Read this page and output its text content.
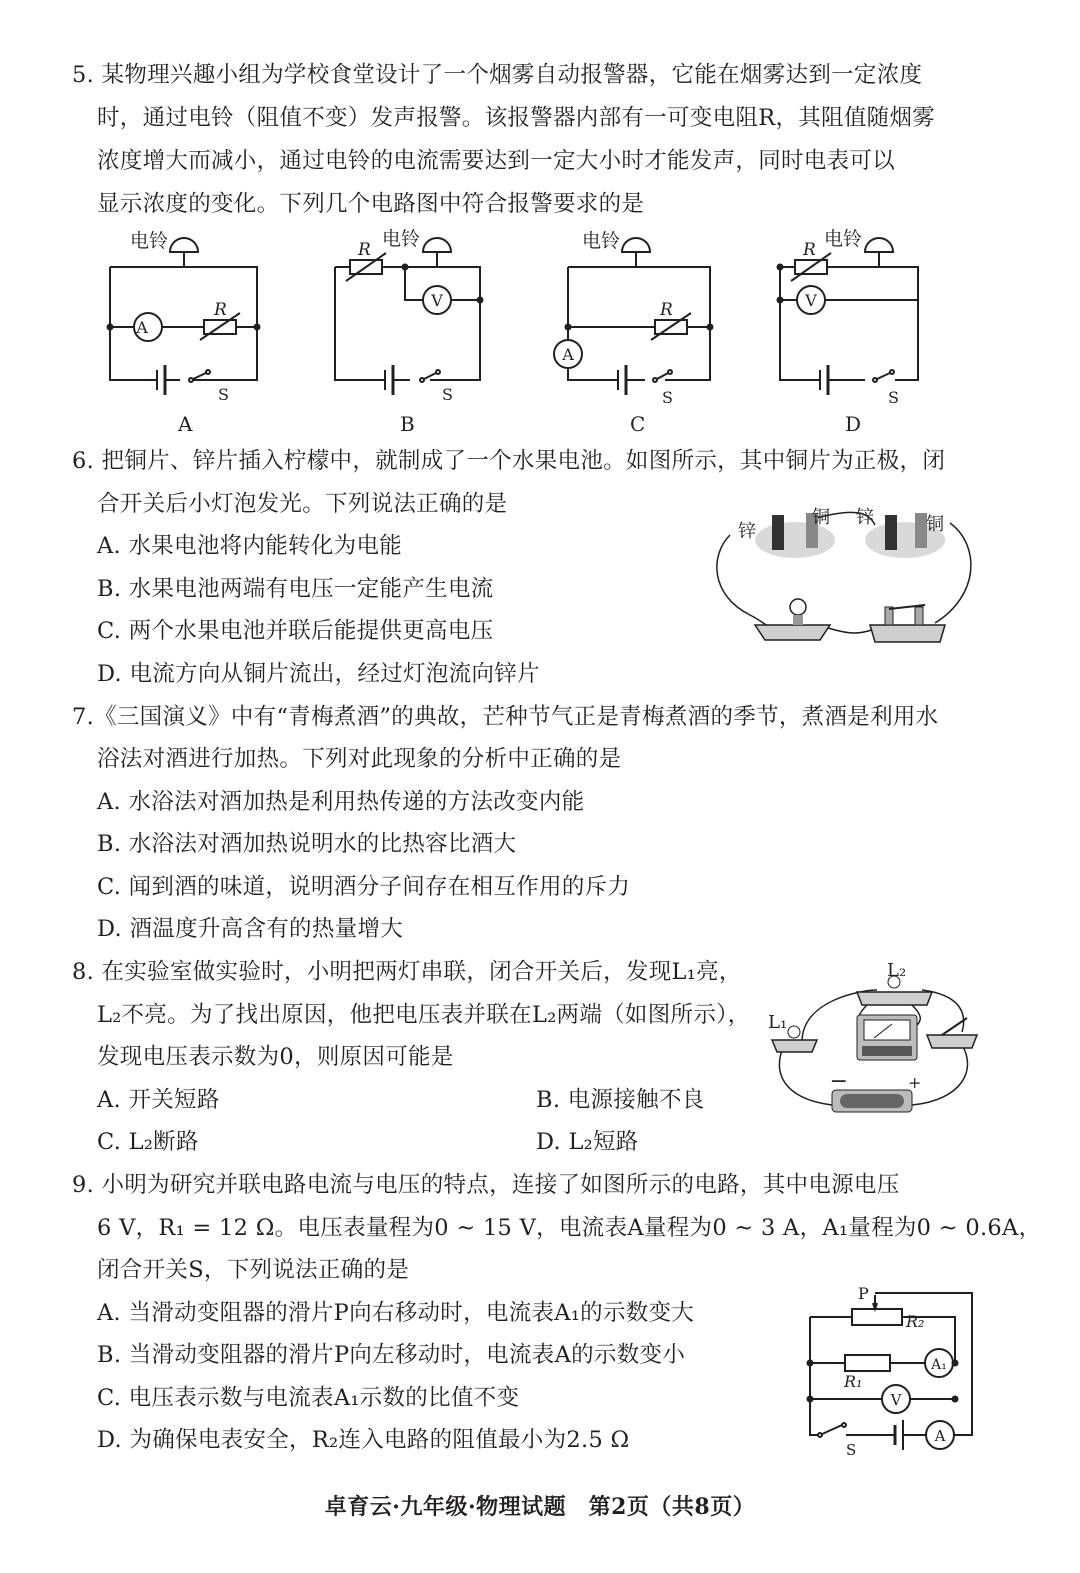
5. 某物理兴趣小组为学校食堂设计了一个烟雾自动报警器，它能在烟雾达到一定浓度
时，通过电铃（阻值不变）发声报警。该报警器内部有一可变电阻R，其阻值随烟雾
浓度增大而减小，通过电铃的电流需要达到一定大小时才能发声，同时电表可以
显示浓度的变化。下列几个电路图中符合报警要求的是
电铃
A
R
S
A
电铃
V
R
S
B
电铃
A
R
S
C
电铃
V
R
S
D
6. 把铜片、锌片插入柠檬中，就制成了一个水果电池。如图所示，其中铜片为正极，闭
合开关后小灯泡发光。下列说法正确的是
A. 水果电池将内能转化为电能
B. 水果电池两端有电压一定能产生电流
C. 两个水果电池并联后能提供更高电压
D. 电流方向从铜片流出，经过灯泡流向锌片
锌
铜 锌	铜
7.《三国演义》中有“青梅煮酒”的典故，芒种节气正是青梅煮酒的季节，煮酒是利用水
浴法对酒进行加热。下列对此现象的分析中正确的是
A. 水浴法对酒加热是利用热传递的方法改变内能
B. 水浴法对酒加热说明水的比热容比酒大
C. 闻到酒的味道，说明酒分子间存在相互作用的斥力
D. 酒温度升高含有的热量增大
8. 在实验室做实验时，小明把两灯串联，闭合开关后，发现L₁亮，
L₂不亮。为了找出原因，他把电压表并联在L₂两端（如图所示），
发现电压表示数为0，则原因可能是
A. 开关短路	B. 电源接触不良
C. L₂断路	D. L₂短路
−	+
L₂
L₁
9. 小明为研究并联电路电流与电压的特点，连接了如图所示的电路，其中电源电压
6 V，R₁ = 12 Ω。电压表量程为0 ~ 15 V，电流表A量程为0 ~ 3 A，A₁量程为0 ~ 0.6A，
闭合开关S，下列说法正确的是
A. 当滑动变阻器的滑片P向右移动时，电流表A₁的示数变大
B. 当滑动变阻器的滑片P向左移动时，电流表A的示数变小
C. 电压表示数与电流表A₁示数的比值不变
D. 为确保电表安全，R₂连入电路的阻值最小为2.5 Ω
P
R₂
R₁
A₁
V
S
A
卓育云·九年级·物理试题　第2页（共8页）
